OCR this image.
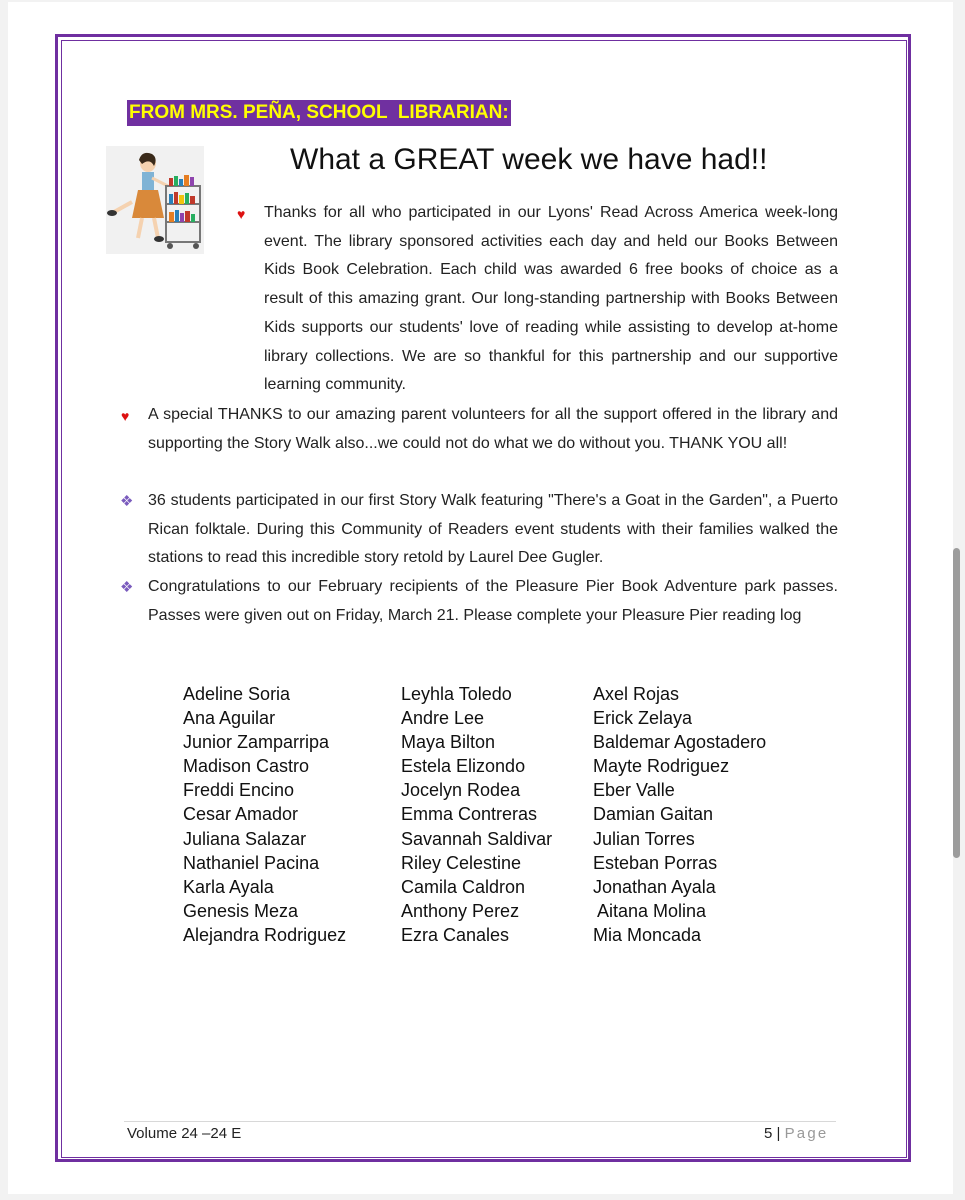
FROM MRS. PEÑA, SCHOOL  LIBRARIAN:
What a GREAT week we have had!!
♥ Thanks for all who participated in our Lyons' Read Across America week-long event. The library sponsored activities each day and held our Books Between Kids Book Celebration. Each child was awarded 6 free books of choice as a result of this amazing grant. Our long-standing partnership with Books Between Kids supports our students' love of reading while assisting to develop at-home library collections. We are so thankful for this partnership and our supportive learning community.
♥ A special THANKS to our amazing parent volunteers for all the support offered in the library and supporting the Story Walk also...we could not do what we do without you. THANK YOU all!
❖ 36 students participated in our first Story Walk featuring "There's a Goat in the Garden", a Puerto Rican folktale. During this Community of Readers event students with their families walked the stations to read this incredible story retold by Laurel Dee Gugler.
❖ Congratulations to our February recipients of the Pleasure Pier Book Adventure park passes. Passes were given out on Friday, March 21. Please complete your Pleasure Pier reading log
Adeline Soria
Ana Aguilar
Junior Zamparripa
Madison Castro
Freddi Encino
Cesar Amador
Juliana Salazar
Nathaniel Pacina
Karla Ayala
Genesis Meza
Alejandra Rodriguez
Leyhla Toledo
Andre Lee
Maya Bilton
Estela Elizondo
Jocelyn Rodea
Emma Contreras
Savannah Saldivar
Riley Celestine
Camila Caldron
Anthony Perez
Ezra Canales
Axel Rojas
Erick Zelaya
Baldemar Agostadero
Mayte Rodriguez
Eber Valle
Damian Gaitan
Julian Torres
Esteban Porras
Jonathan Ayala
Aitana Molina
Mia Moncada
Volume 24 –24 E	5 | Page
